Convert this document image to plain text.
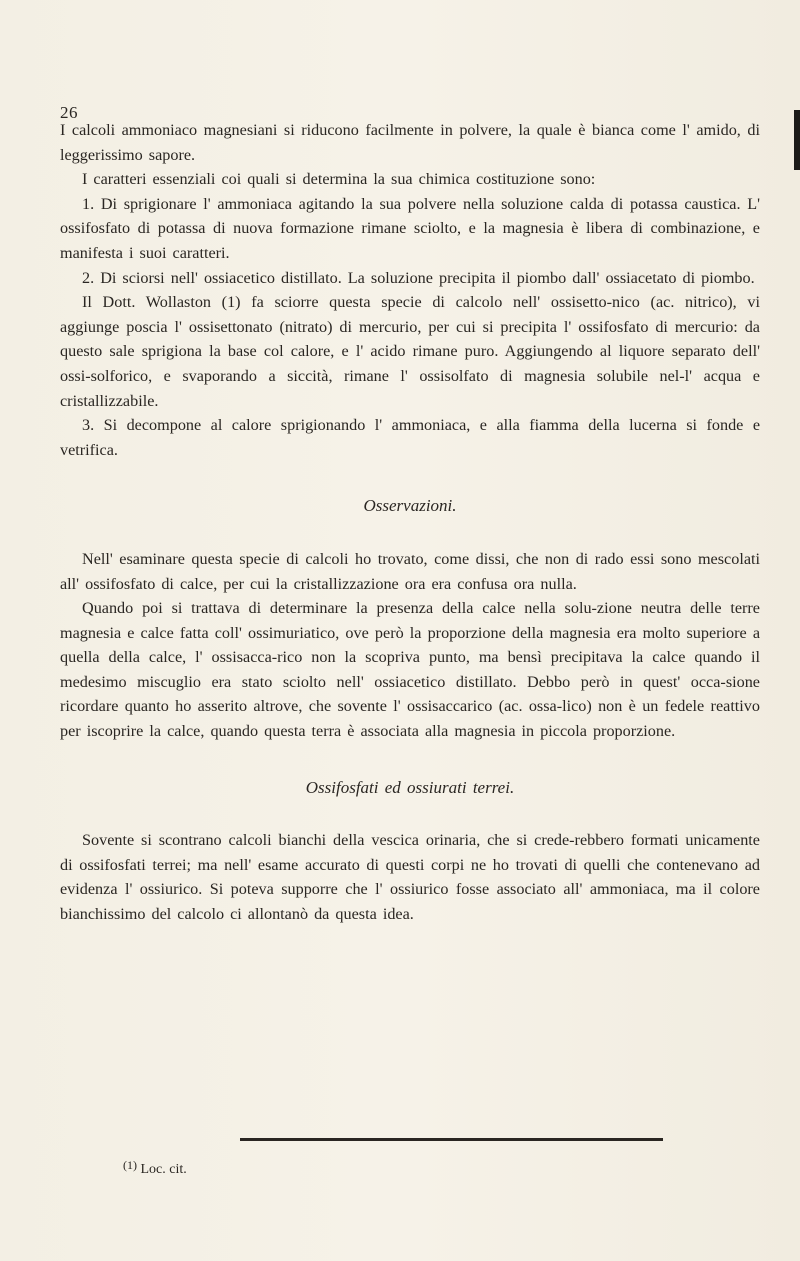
26

I calcoli ammoniaco magnesiani si riducono facilmente in polvere, la quale è bianca come l' amido, di leggerissimo sapore.

I caratteri essenziali coi quali si determina la sua chimica costituzione sono:

1. Di sprigionare l' ammoniaca agitando la sua polvere nella soluzione calda di potassa caustica. L' ossifosfato di potassa di nuova formazione rimane sciolto, e la magnesia è libera di combinazione, e manifesta i suoi caratteri.

2. Di sciorsi nell' ossiacetico distillato. La soluzione precipita il piombo dall' ossiacetato di piombo.

Il Dott. Wollaston (1) fa sciorre questa specie di calcolo nell' ossisetto-nico (ac. nitrico), vi aggiunge poscia l' ossisettonato (nitrato) di mercurio, per cui si precipita l' ossifosfato di mercurio: da questo sale sprigiona la base col calore, e l' acido rimane puro. Aggiungendo al liquore separato dell' ossi-solforico, e svaporando a siccità, rimane l' ossisolfato di magnesia solubile nel-l' acqua e cristallizzabile.

3. Si decompone al calore sprigionando l' ammoniaca, e alla fiamma della lucerna si fonde e vetrifica.

Osservazioni.

Nell' esaminare questa specie di calcoli ho trovato, come dissi, che non di rado essi sono mescolati all' ossifosfato di calce, per cui la cristallizzazione ora era confusa ora nulla.

Quando poi si trattava di determinare la presenza della calce nella solu-zione neutra delle terre magnesia e calce fatta coll' ossimuriatico, ove però la proporzione della magnesia era molto superiore a quella della calce, l' ossisacca-rico non la scopriva punto, ma bensì precipitava la calce quando il medesimo miscuglio era stato sciolto nell' ossiacetico distillato. Debbo però in quest' occa-sione ricordare quanto ho asserito altrove, che sovente l' ossisaccarico (ac. ossa-lico) non è un fedele reattivo per iscoprire la calce, quando questa terra è associata alla magnesia in piccola proporzione.

Ossifosfati ed ossiurati terrei.

Sovente si scontrano calcoli bianchi della vescica orinaria, che si crede-rebbero formati unicamente di ossifosfati terrei; ma nell' esame accurato di questi corpi ne ho trovati di quelli che contenevano ad evidenza l' ossiurico. Si poteva supporre che l' ossiurico fosse associato all' ammoniaca, ma il colore bianchissimo del calcolo ci allontanò da questa idea.

(1) Loc. cit.
